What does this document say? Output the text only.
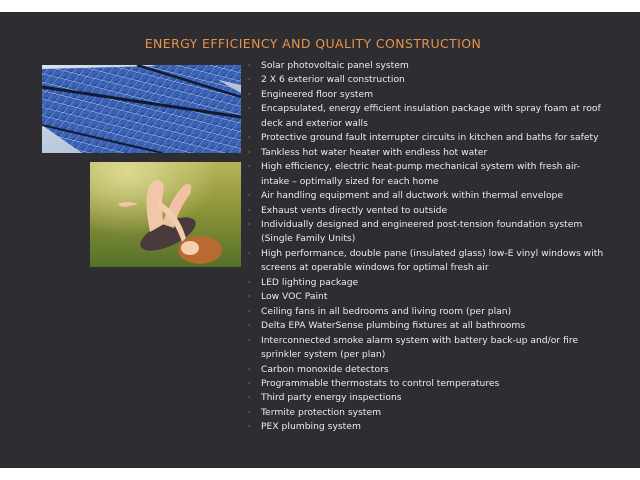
ENERGY EFFICIENCY AND QUALITY CONSTRUCTION
· Solar photovoltaic panel system
· 2 X 6 exterior wall construction
· Engineered floor system
· Encapsulated, energy efficient insulation package with spray foam at roof deck and exterior walls
· Protective ground fault interrupter circuits in kitchen and baths for safety
· Tankless hot water heater with endless hot water
· High efficiency, electric heat-pump mechanical system with fresh air-intake – optimally sized for each home
· Air handling equipment and all ductwork within thermal envelope
· Exhaust vents directly vented to outside
· Individually designed and engineered post-tension foundation system (Single Family Units)
· High performance, double pane (insulated glass) low-E vinyl windows with screens at operable windows for optimal fresh air
· LED lighting package
· Low VOC Paint
· Ceiling fans in all bedrooms and living room (per plan)
· Delta EPA WaterSense plumbing fixtures at all bathrooms
· Interconnected smoke alarm system with battery back-up and/or fire sprinkler system (per plan)
· Carbon monoxide detectors
· Programmable thermostats to control temperatures
· Third party energy inspections
· Termite protection system
· PEX plumbing system
